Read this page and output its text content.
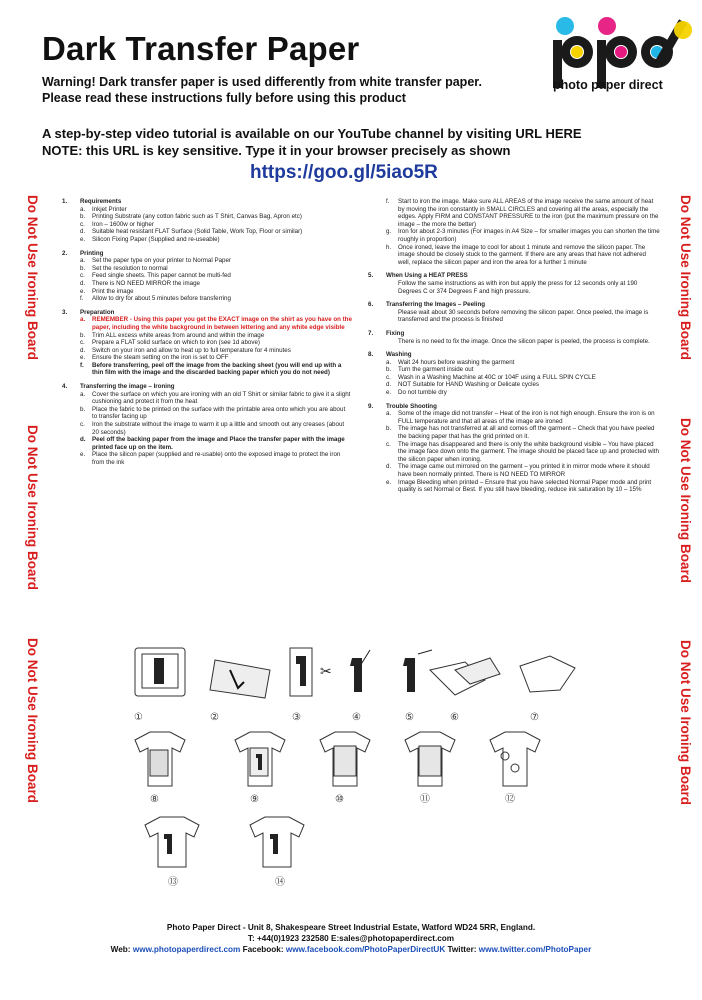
Dark Transfer Paper
Warning! Dark transfer paper is used differently from white transfer paper.
Please read these instructions fully before using this product
A step-by-step video tutorial is available on our YouTube channel by visiting URL HERE
NOTE: this URL is key sensitive. Type it in your browser precisely as shown
https://goo.gl/5iao5R
photo paper direct
Do Not Use Ironing Board
Do Not Use Ironing Board
Do Not Use Ironing Board
Do Not Use Ironing Board
Do Not Use Ironing Board
Do Not Use Ironing Board
1. Requirements
a. Inkjet Printer
b. Printing Substrate (any cotton fabric such as T Shirt, Canvas Bag, Apron etc)
c. Iron – 1600w or higher
d. Suitable heat resistant FLAT Surface (Solid Table, Work Top, Floor or similar)
e. Silicon Fixing Paper (Supplied and re-useable)
2. Printing
a. Set the paper type on your printer to Normal Paper
b. Set the resolution to normal
c. Feed single sheets. This paper cannot be multi-fed
d. There is NO NEED MIRROR the image
e. Print the image
f. Allow to dry for about 5 minutes before transferring
3. Preparation
a. REMEMBER - Using this paper you get the EXACT image on the shirt as you have on the paper, including the white background in between lettering and any white edge visible
b. Trim ALL excess white areas from around and within the image
c. Prepare a FLAT solid surface on which to iron (see 1d above)
d. Switch on your iron and allow to heat up to full temperature for 4 minutes
e. Ensure the steam setting on the iron is set to OFF
f. Before transferring, peel off the image from the backing sheet (you will end up with a thin film with the image and the discarded backing paper which you do not need)
4. Transferring the image – Ironing
a. Cover the surface on which you are ironing with an old T Shirt or similar fabric to give it a slight cushioning and protect it from the heat
b. Place the fabric to be printed on the surface with the printable area onto which you are about to transfer facing up
c. Iron the substrate without the image to warm it up a little and smooth out any creases (about 20 seconds)
d. Peel off the backing paper from the image and Place the transfer paper with the image printed face up on the item.
e. Place the silicon paper (supplied and re-usable) onto the exposed image to protect the iron from the ink
f. Start to iron the image. Make sure ALL AREAS of the image receive the same amount of heat by moving the iron constantly in SMALL CIRCLES and covering all the areas, especially the edges. Apply FIRM and CONSTANT PRESSURE to the iron (put the maximum pressure on the image – the more the better)
g. Iron for about 2-3 minutes (For images in A4 Size – for smaller images you can shorten the time roughly in proportion)
h. Once ironed, leave the image to cool for about 1 minute and remove the silicon paper. The image should be closely stuck to the garment. If there are any areas that have not adhered well, replace the silicon paper and iron the area for a further 1 minute
5. When Using a HEAT PRESS
Follow the same instructions as with iron but apply the press for 12 seconds only at 190 Degrees C or 374 Degrees F and high pressure.
6. Transferring the Images – Peeling
Please wait about 30 seconds before removing the silicon paper. Once peeled, the image is transferred and the process is finished
7. Fixing
There is no need to fix the image. Once the silicon paper is peeled, the process is complete.
8. Washing
a. Wait 24 hours before washing the garment
b. Turn the garment inside out
c. Wash in a Washing Machine at 40C or 104F using a FULL SPIN CYCLE
d. NOT Suitable for HAND Washing or Delicate cycles
e. Do not tumble dry
9. Trouble Shooting
a. Some of the image did not transfer – Heat of the iron is not high enough. Ensure the iron is on FULL temperature and that all areas of the image are ironed
b. The image has not transferred at all and comes off the garment – Check that you have peeled the backing paper that has the grid printed on it.
c. The image has disappeared and there is only the white background visible – You have placed the image face down onto the garment. The image should be placed face up and protected with the silicon paper when ironing.
d. The image came out mirrored on the garment – you printed it in mirror mode where it should have been normally printed. There is NO NEED TO MIRROR
e. Image Bleeding when printed – Ensure that you have selected Normal Paper mode and print quality is set Normal or Best. If you still have bleeding, reduce ink saturation by 10 – 15%
①	②
✂
③	④	⑤	⑥	⑦
⑧	⑨	⑩	⑪	⑫
⑬	⑭
Photo Paper Direct - Unit 8, Shakespeare Street Industrial Estate, Watford WD24 5RR, England.
T: +44(0)1923 232580 E:sales@photopaperdirect.com
Web: www.photopaperdirect.com Facebook: www.facebook.com/PhotoPaperDirectUK Twitter: www.twitter.com/PhotoPaper
